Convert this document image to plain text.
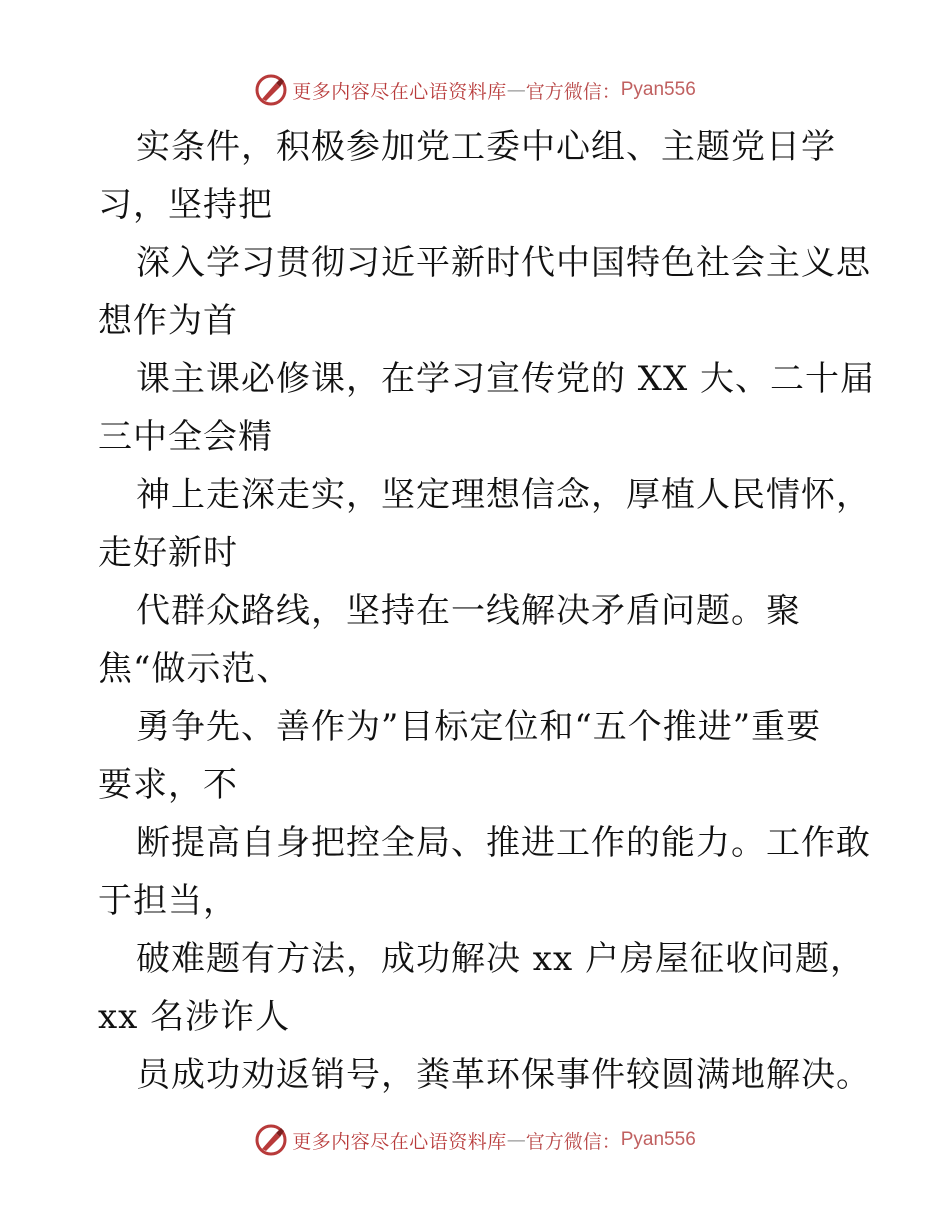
更多内容尽在心语资料库 — 官方微信： Pyan556
实条件，积极参加党工委中心组、主题党日学
习，坚持把
深入学习贯彻习近平新时代中国特色社会主义思
想作为首
课主课必修课，在学习宣传党的 XX 大、二十届
三中全会精
神上走深走实，坚定理想信念，厚植人民情怀，
走好新时
代群众路线，坚持在一线解决矛盾问题。聚
焦“做示范、
勇争先、善作为”目标定位和“五个推进”重要
要求，不
断提高自身把控全局、推进工作的能力。工作敢
于担当，
破难题有方法，成功解决 xx 户房屋征收问题，
xx 名涉诈人
员成功劝返销号，粪革环保事件较圆满地解决。
更多内容尽在心语资料库 — 官方微信： Pyan556
